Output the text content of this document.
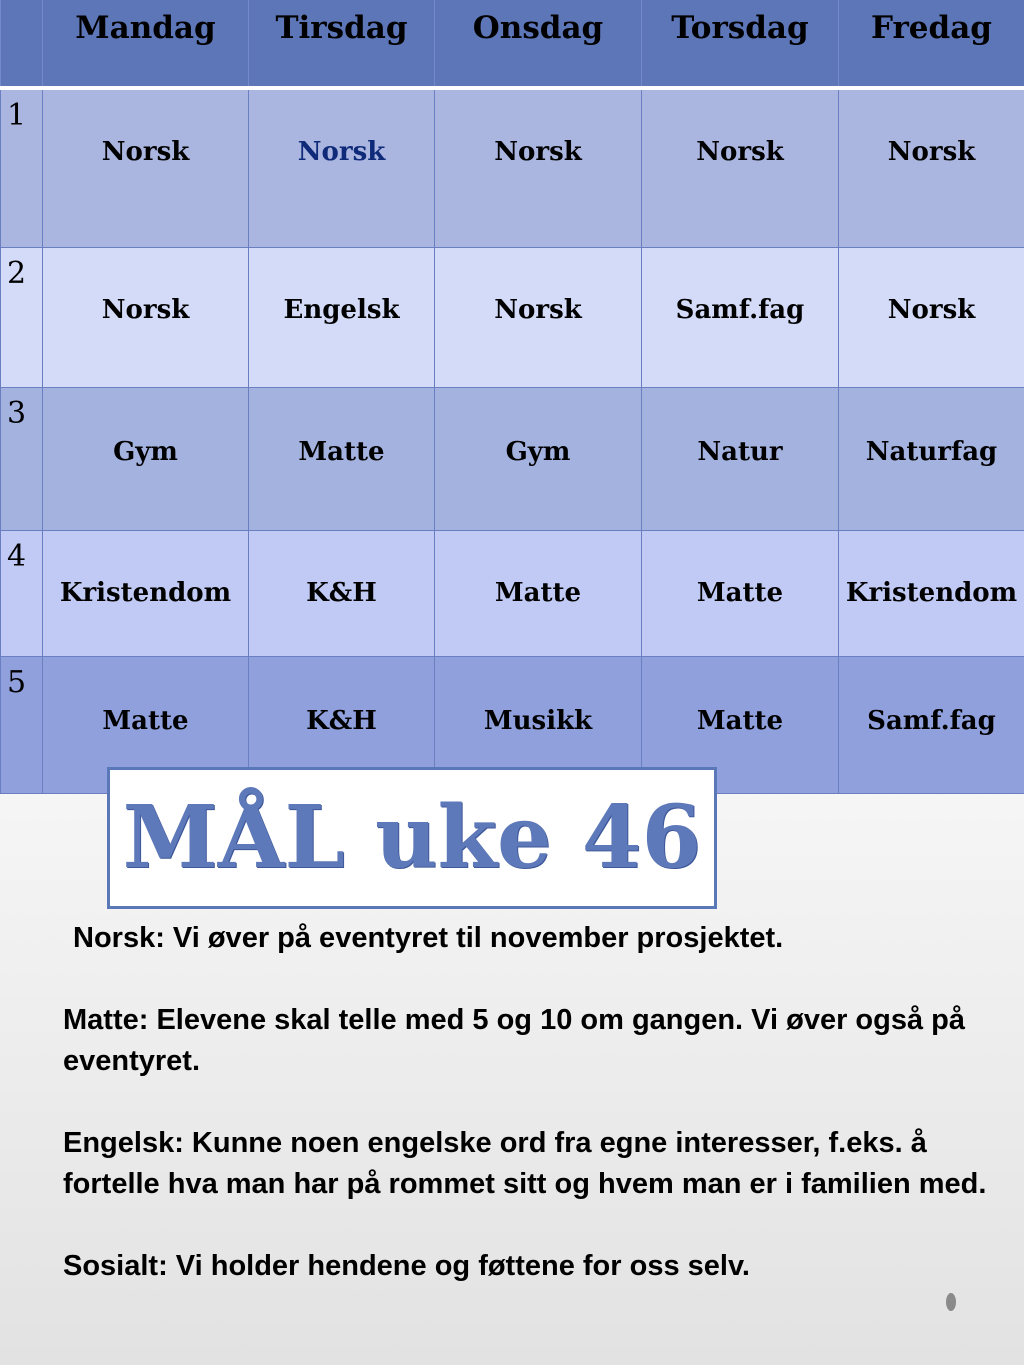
	Mandag	Tirsdag	Onsdag	Torsdag	Fredag
1	Norsk	Norsk	Norsk	Norsk	Norsk
2	Norsk	Engelsk	Norsk	Samf.fag	Norsk
3	Gym	Matte	Gym	Natur	Naturfag
4	Kristendom	K&H	Matte	Matte	Kristendom
5	Matte	K&H	Musikk	Matte	Samf.fag
MÅL uke 46

Norsk: Vi øver på eventyret til november prosjektet.

Matte: Elevene skal telle med 5 og 10 om gangen. Vi øver også på eventyret.

Engelsk: Kunne noen engelske ord fra egne interesser, f.eks. å fortelle hva man har på rommet sitt og hvem man er i familien med.

Sosialt: Vi holder hendene og føttene for oss selv.
